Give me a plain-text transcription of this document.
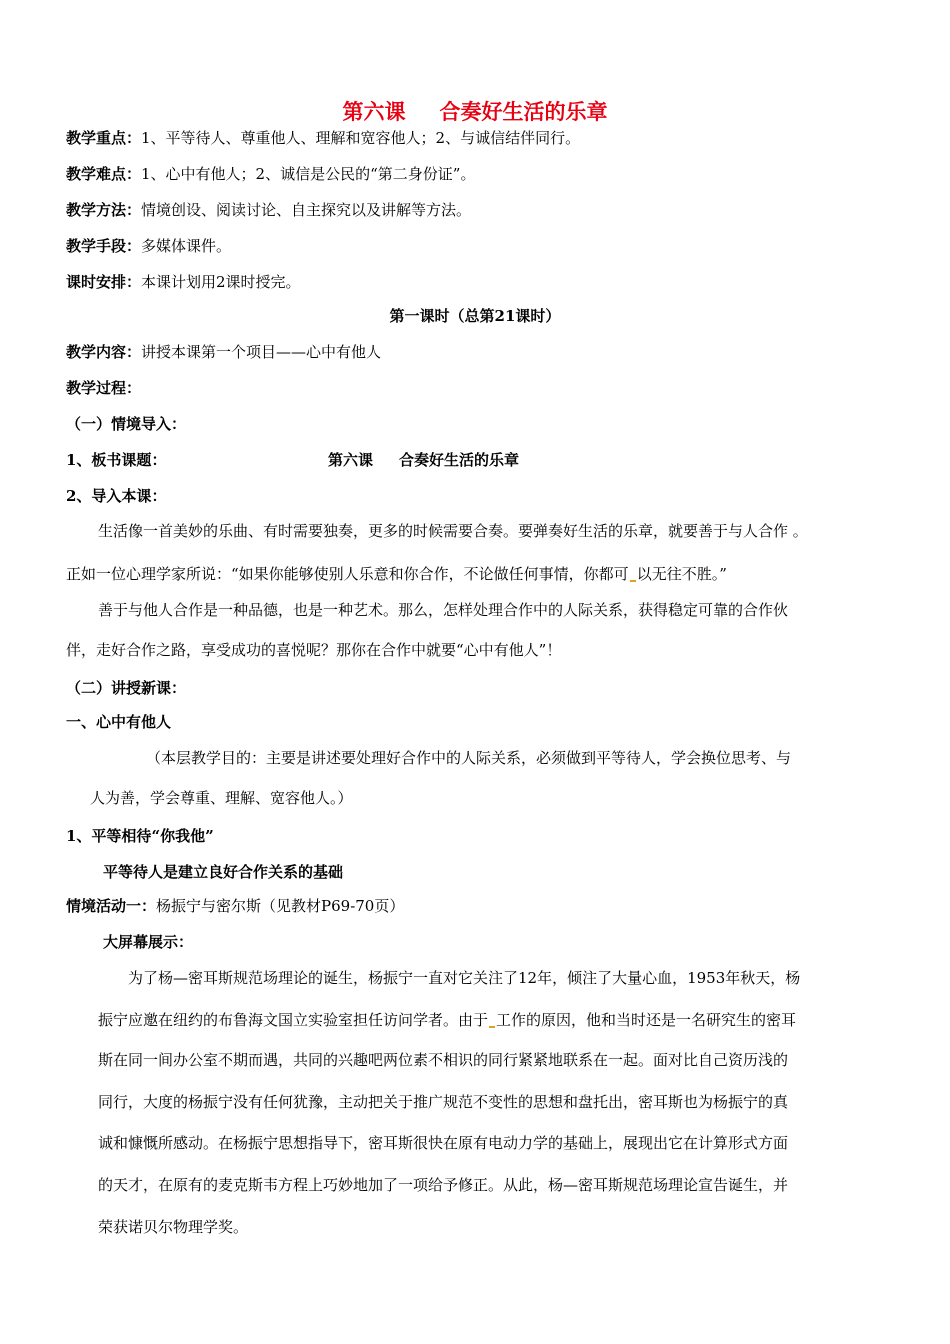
第六课 合奏好生活的乐章
教学重点：1、平等待人、尊重他人、理解和宽容他人；2、与诚信结伴同行。
教学难点：1、心中有他人；2、诚信是公民的“第二身份证”。
教学方法：情境创设、阅读讨论、自主探究以及讲解等方法。
教学手段：多媒体课件。
课时安排：本课计划用2课时授完。
第一课时（总第21课时）
教学内容：讲授本课第一个项目——心中有他人
教学过程：
（一）情境导入：
1、板书课题：	第六课 合奏好生活的乐章
2、导入本课：
生活像一首美妙的乐曲、有时需要独奏，更多的时候需要合奏。要弹奏好生活的乐章，就要善于与人合作 。
正如一位心理学家所说：“如果你能够使别人乐意和你合作，不论做任何事情，你都可 以无往不胜。”
善于与他人合作是一种品德，也是一种艺术。那么，怎样处理合作中的人际关系，获得稳定可靠的合作伙
伴，走好合作之路，享受成功的喜悦呢？那你在合作中就要“心中有他人”！
（二）讲授新课：
一、心中有他人
（本层教学目的：主要是讲述要处理好合作中的人际关系，必须做到平等待人，学会换位思考、与
人为善，学会尊重、理解、宽容他人。）
1、平等相待“你我他”
平等待人是建立良好合作关系的基础
情境活动一：杨振宁与密尔斯（见教材P69-70页）
大屏幕展示：
为了杨—密耳斯规范场理论的诞生，杨振宁一直对它关注了12年，倾注了大量心血，1953年秋天，杨
振宁应邀在纽约的布鲁海文国立实验室担任访问学者。由于 工作的原因，他和当时还是一名研究生的密耳
斯在同一间办公室不期而遇，共同的兴趣吧两位素不相识的同行紧紧地联系在一起。面对比自己资历浅的
同行，大度的杨振宁没有任何犹豫，主动把关于推广规范不变性的思想和盘托出，密耳斯也为杨振宁的真
诚和慷慨所感动。在杨振宁思想指导下，密耳斯很快在原有电动力学的基础上，展现出它在计算形式方面
的天才，在原有的麦克斯韦方程上巧妙地加了一项给予修正。从此，杨—密耳斯规范场理论宣告诞生，并
荣获诺贝尔物理学奖。
